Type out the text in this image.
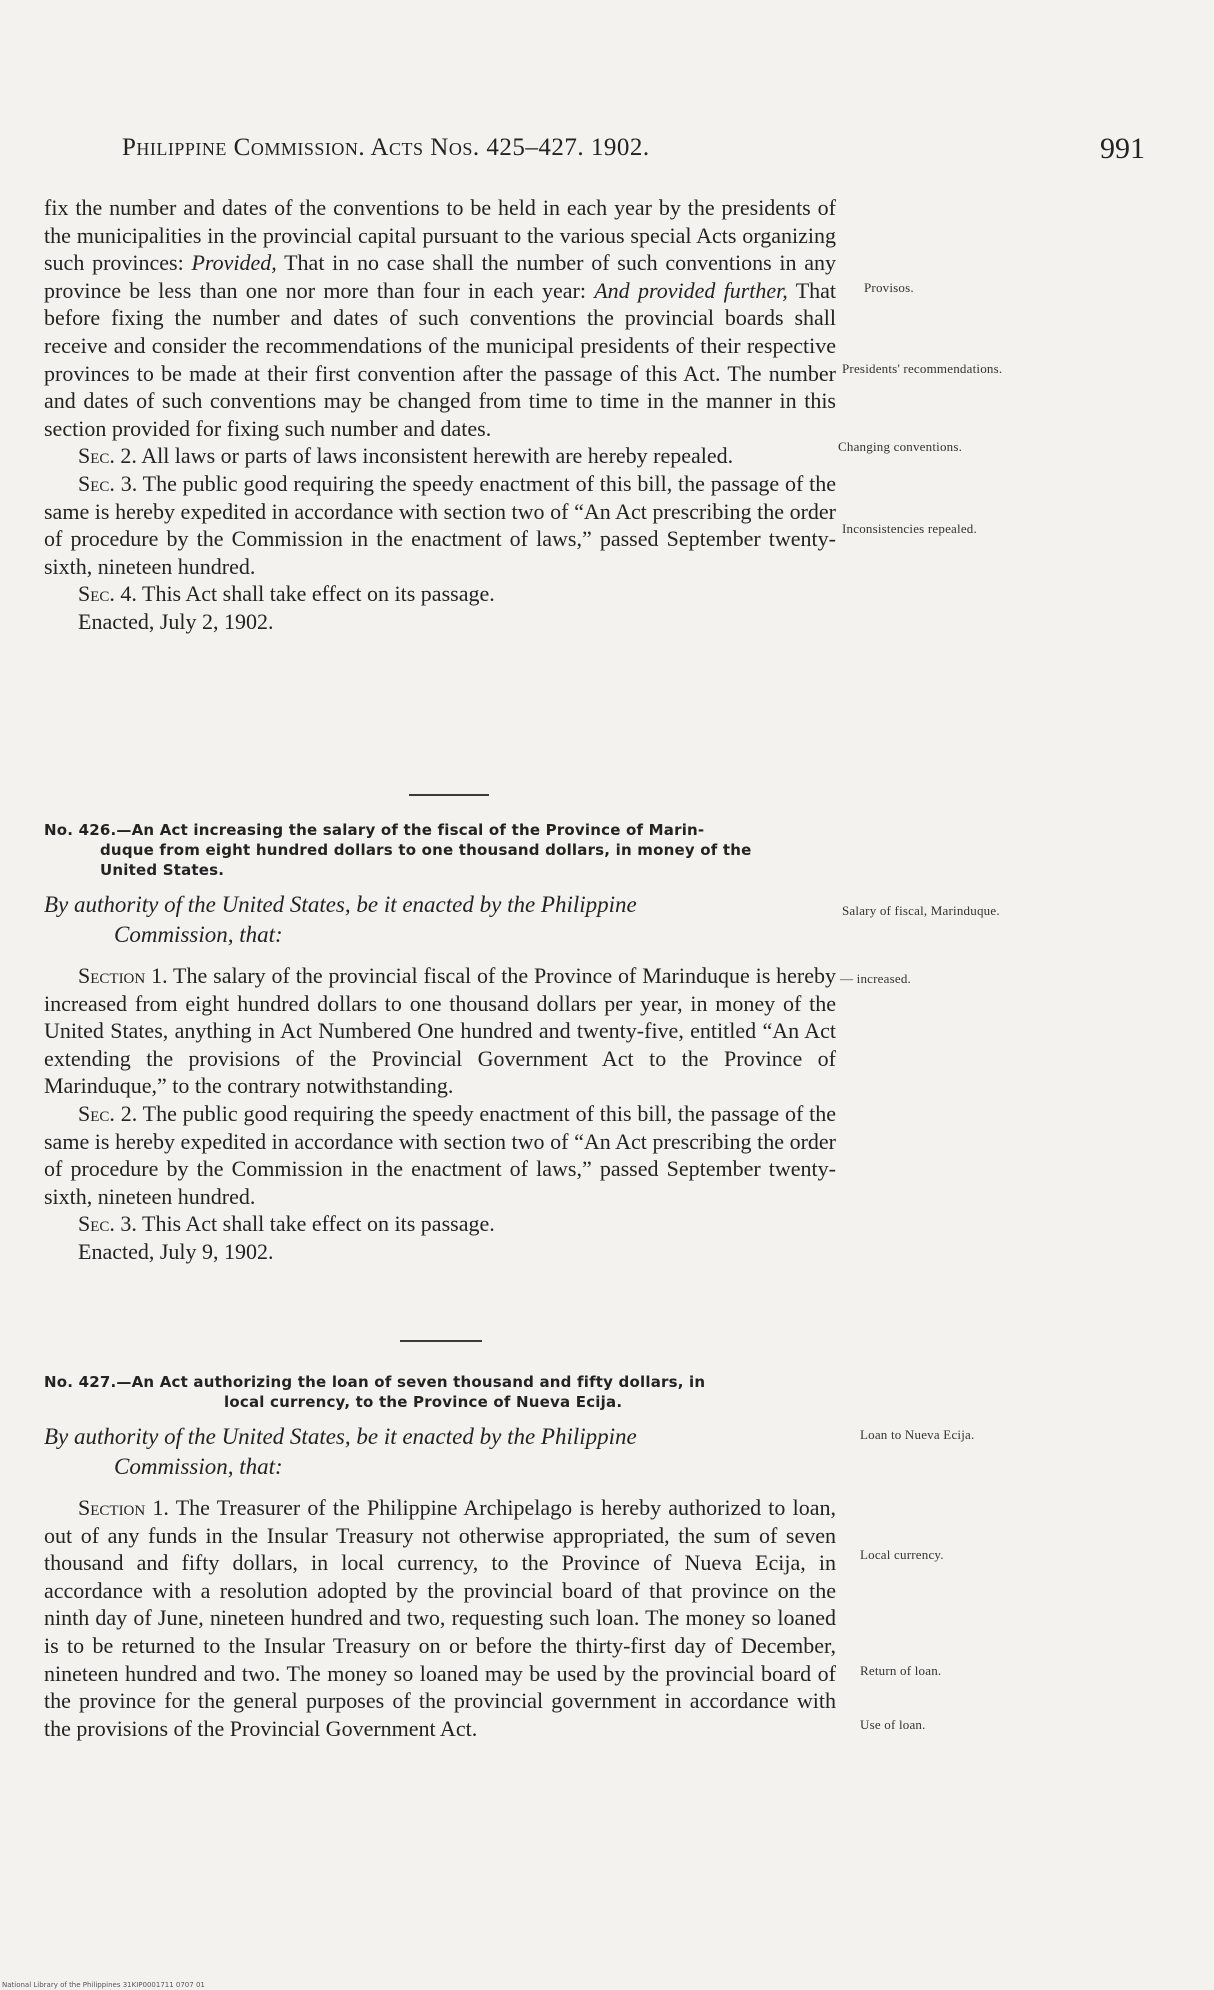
Philippine Commission. Acts Nos. 425–427. 1902.	991

fix the number and dates of the conventions to be held in each year by the presidents of the municipalities in the provincial capital pursuant to the various special Acts organizing such provinces: Provided, That in no case shall the number of such conventions in any province be less than one nor more than four in each year: And provided further, That before fixing the number and dates of such conventions the provincial boards shall receive and consider the recommendations of the municipal presidents of their respective provinces to be made at their first convention after the passage of this Act. The number and dates of such conventions may be changed from time to time in the manner in this section provided for fixing such number and dates.

Sec. 2. All laws or parts of laws inconsistent herewith are hereby repealed.

Sec. 3. The public good requiring the speedy enactment of this bill, the passage of the same is hereby expedited in accordance with section two of “An Act prescribing the order of procedure by the Commission in the enactment of laws,” passed September twenty-sixth, nineteen hundred.

Sec. 4. This Act shall take effect on its passage.

Enacted, July 2, 1902.

No. 426.—An Act increasing the salary of the fiscal of the Province of Marin-
duque from eight hundred dollars to one thousand dollars, in money of the
United States.
By authority of the United States, be it enacted by the Philippine
Commission, that:

Section 1. The salary of the provincial fiscal of the Province of Marinduque is hereby increased from eight hundred dollars to one thousand dollars per year, in money of the United States, anything in Act Numbered One hundred and twenty-five, entitled “An Act extending the provisions of the Provincial Government Act to the Province of Marinduque,” to the contrary notwithstanding.

Sec. 2. The public good requiring the speedy enactment of this bill, the passage of the same is hereby expedited in accordance with section two of “An Act prescribing the order of procedure by the Commission in the enactment of laws,” passed September twenty-sixth, nineteen hundred.

Sec. 3. This Act shall take effect on its passage.

Enacted, July 9, 1902.

No. 427.—An Act authorizing the loan of seven thousand and fifty dollars, in
local currency, to the Province of Nueva Ecija.
By authority of the United States, be it enacted by the Philippine
Commission, that:

Section 1. The Treasurer of the Philippine Archipelago is hereby authorized to loan, out of any funds in the Insular Treasury not otherwise appropriated, the sum of seven thousand and fifty dollars, in local currency, to the Province of Nueva Ecija, in accordance with a resolution adopted by the provincial board of that province on the ninth day of June, nineteen hundred and two, requesting such loan. The money so loaned is to be returned to the Insular Treasury on or before the thirty-first day of December, nineteen hundred and two. The money so loaned may be used by the provincial board of the province for the general purposes of the provincial government in accordance with the provisions of the Provincial Government Act.

Provisos.
Presidents' recommendations.
Changing conventions.
Inconsistencies repealed.
Salary of fiscal, Marinduque.
— increased.
Loan to Nueva Ecija.
Local currency.
Return of loan.
Use of loan.
National Library of the Philippines 31KIP0001711 0707 01
